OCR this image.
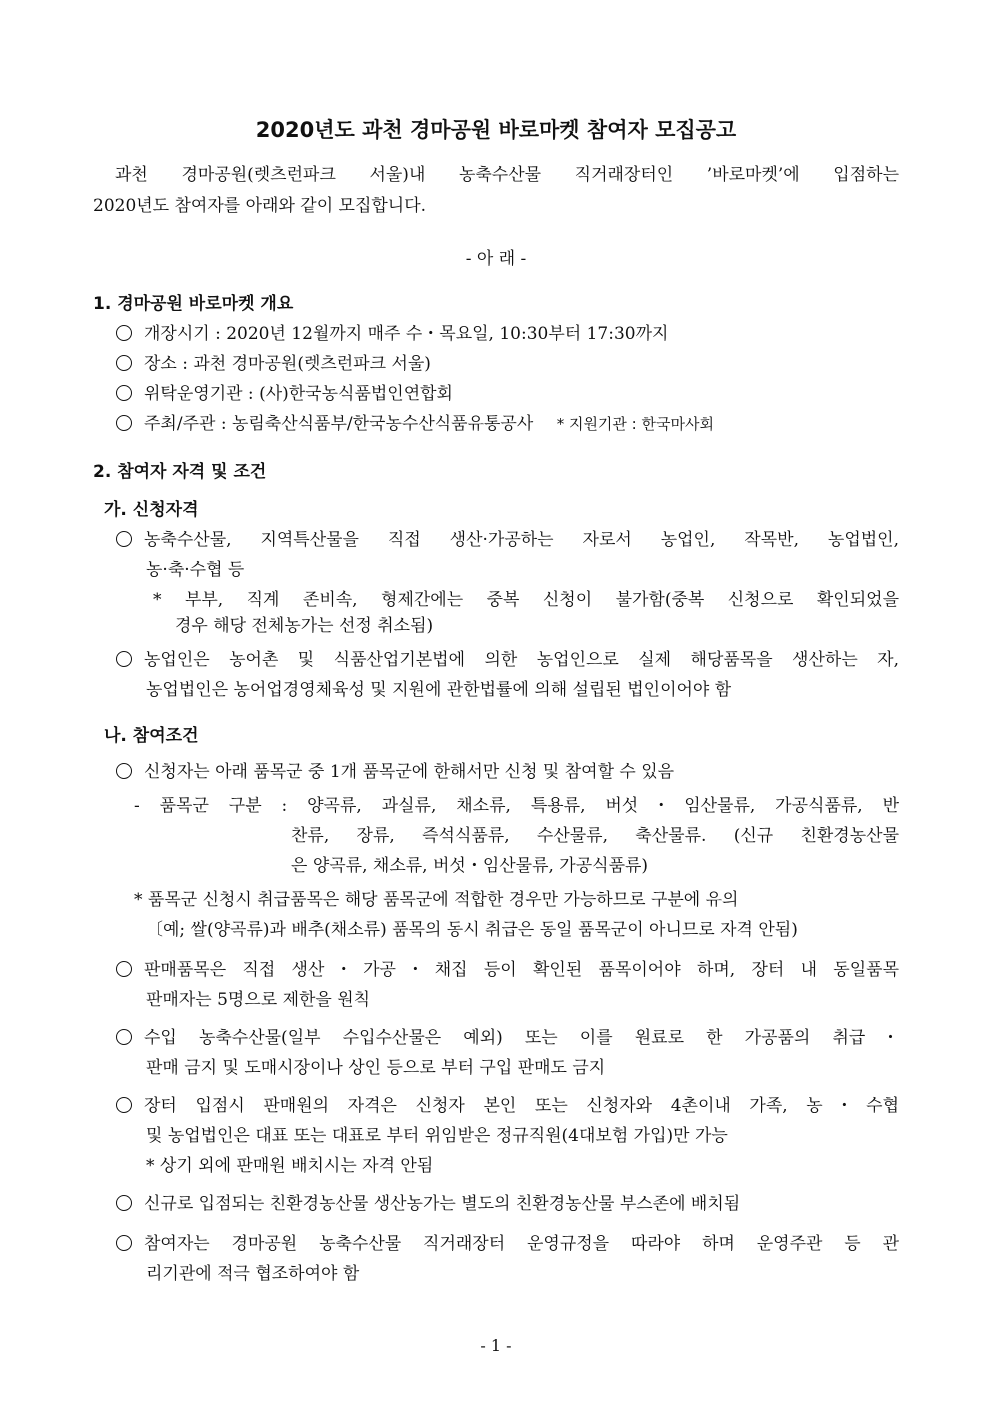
2020년도 과천 경마공원 바로마켓 참여자 모집공고
과천 경마공원(렛츠런파크 서울)내 농축수산물 직거래장터인 ’바로마켓’에 입점하는
2020년도 참여자를 아래와 같이 모집합니다.
- 아 래 -
1. 경마공원 바로마켓 개요
개장시기 : 2020년 12월까지 매주 수・목요일, 10:30부터 17:30까지
장소 : 과천 경마공원(렛츠런파크 서울)
위탁운영기관 : (사)한국농식품법인연합회
주최/주관 : 농림축산식품부/한국농수산식품유통공사 * 지원기관 : 한국마사회
2. 참여자 자격 및 조건
가. 신청자격
농축수산물, 지역특산물을 직접 생산·가공하는 자로서 농업인, 작목반, 농업법인,
농·축·수협 등
* 부부, 직계 존비속, 형제간에는 중복 신청이 불가함(중복 신청으로 확인되었을
경우 해당 전체농가는 선정 취소됨)
농업인은 농어촌 및 식품산업기본법에 의한 농업인으로 실제 해당품목을 생산하는 자,
농업법인은 농어업경영체육성 및 지원에 관한법률에 의해 설립된 법인이어야 함
나. 참여조건
신청자는 아래 품목군 중 1개 품목군에 한해서만 신청 및 참여할 수 있음
- 품목군 구분 : 양곡류, 과실류, 채소류, 특용류, 버섯・임산물류, 가공식품류, 반
찬류, 장류, 즉석식품류, 수산물류, 축산물류. (신규 친환경농산물
은 양곡류, 채소류, 버섯・임산물류, 가공식품류)
* 품목군 신청시 취급품목은 해당 품목군에 적합한 경우만 가능하므로 구분에 유의
〔예; 쌀(양곡류)과 배추(채소류) 품목의 동시 취급은 동일 품목군이 아니므로 자격 안됨)
판매품목은 직접 생산・가공・채집 등이 확인된 품목이어야 하며, 장터 내 동일품목
판매자는 5명으로 제한을 원칙
수입 농축수산물(일부 수입수산물은 예외) 또는 이를 원료로 한 가공품의 취급・
판매 금지 및 도매시장이나 상인 등으로 부터 구입 판매도 금지
장터 입점시 판매원의 자격은 신청자 본인 또는 신청자와 4촌이내 가족, 농・수협
및 농업법인은 대표 또는 대표로 부터 위임받은 정규직원(4대보험 가입)만 가능
* 상기 외에 판매원 배치시는 자격 안됨
신규로 입점되는 친환경농산물 생산농가는 별도의 친환경농산물 부스존에 배치됨
참여자는 경마공원 농축수산물 직거래장터 운영규정을 따라야 하며 운영주관 등 관
리기관에 적극 협조하여야 함
- 1 -
